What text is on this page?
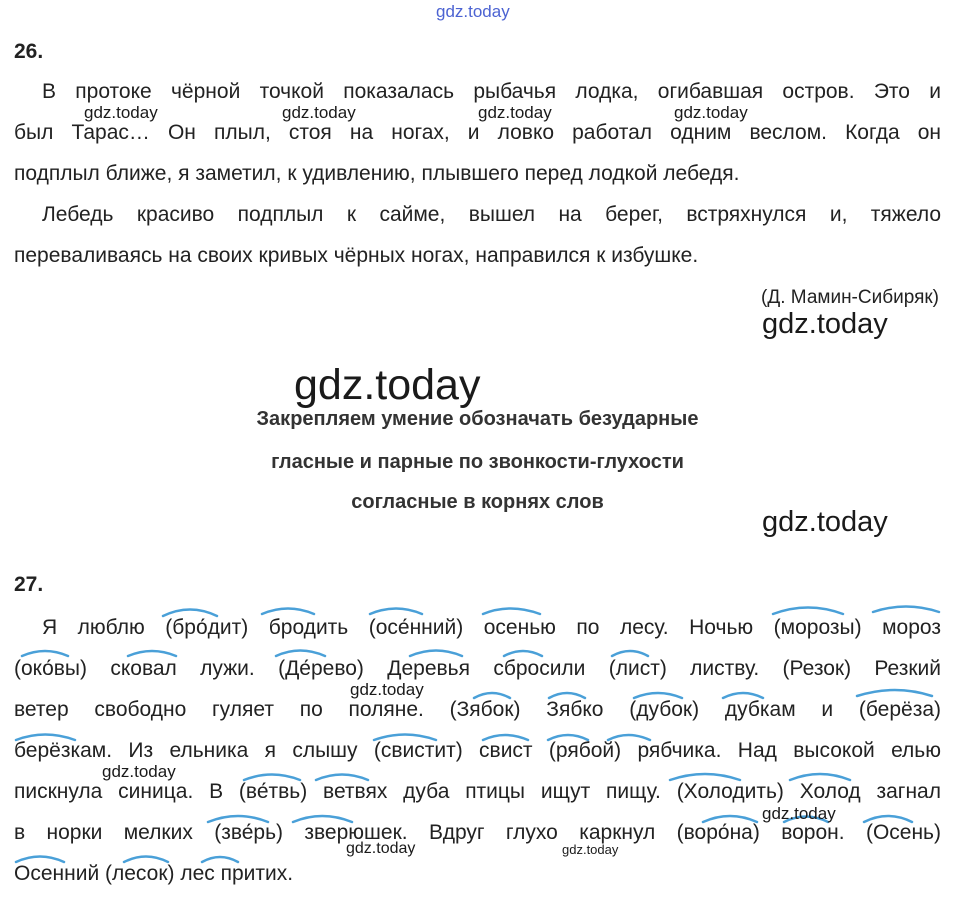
gdz.today
26.
В протоке чёрной точкой показалась рыбачья лодка, огибавшая остров. Это и
был Тарас… Он плыл, стоя на ногах, и ловко работал одним веслом. Когда он
подплыл ближе, я заметил, к удивлению, плывшего перед лодкой лебедя.
Лебедь красиво подплыл к сайме, вышел на берег, встряхнулся и, тяжело
переваливаясь на своих кривых чёрных ногах, направился к избушке.
gdz.today	gdz.today	gdz.today	gdz.today
(Д. Мамин-Сибиряк)
gdz.today
gdz.today
Закрепляем умение обозначать безударные
гласные и парные по звонкости-глухости
согласные в корнях слов
gdz.today
27.
Я люблю (бро́дит) бродить (осе́нний) осенью по лесу. Ночью (морозы) мороз
(око́вы) сковал лужи. (Де́рево) Деревья сбросили (лист) листву. (Резок) Резкий
ветер свободно гуляет по поляне. (Зябок) Зябко (дубок) дубкам и (берёза)
берёзкам. Из ельника я слышу (свистит) свист (рябой) рябчика. Над высокой елью
пискнула синица. В (ве́твь) ветвях дуба птицы ищут пищу. (Холодить) Холод загнал
в норки мелких (зве́рь) зверюшек. Вдруг глухо каркнул (воро́на) ворон. (Осень)
Осенний (лесок) лес притих.
gdz.today
gdz.today
gdz.today
gdz.today	gdz.today
